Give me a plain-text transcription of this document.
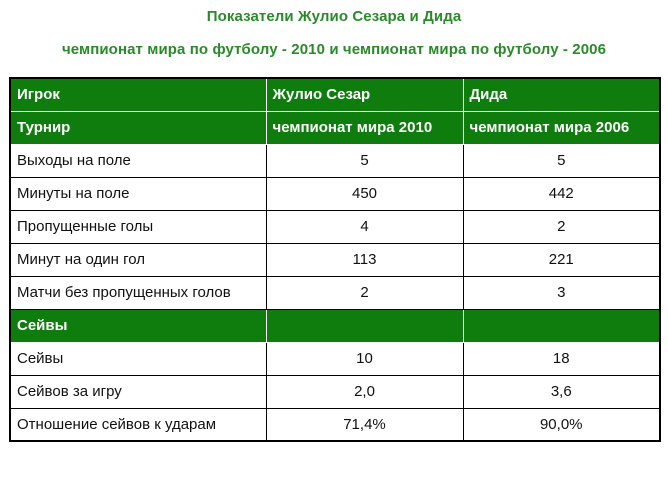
Показатели Жулио Сезара и Дида
чемпионат мира по футболу - 2010 и чемпионат мира по футболу - 2006
Игрок	Жулио Сезар	Дида
Турнир	чемпионат мира 2010	чемпионат мира 2006
Выходы на поле	5	5
Минуты на поле	450	442
Пропущенные голы	4	2
Минут на один гол	113	221
Матчи без пропущенных голов	2	3
Сейвы		
Сейвы	10	18
Сейвов за игру	2,0	3,6
Отношение сейвов к ударам	71,4%	90,0%
